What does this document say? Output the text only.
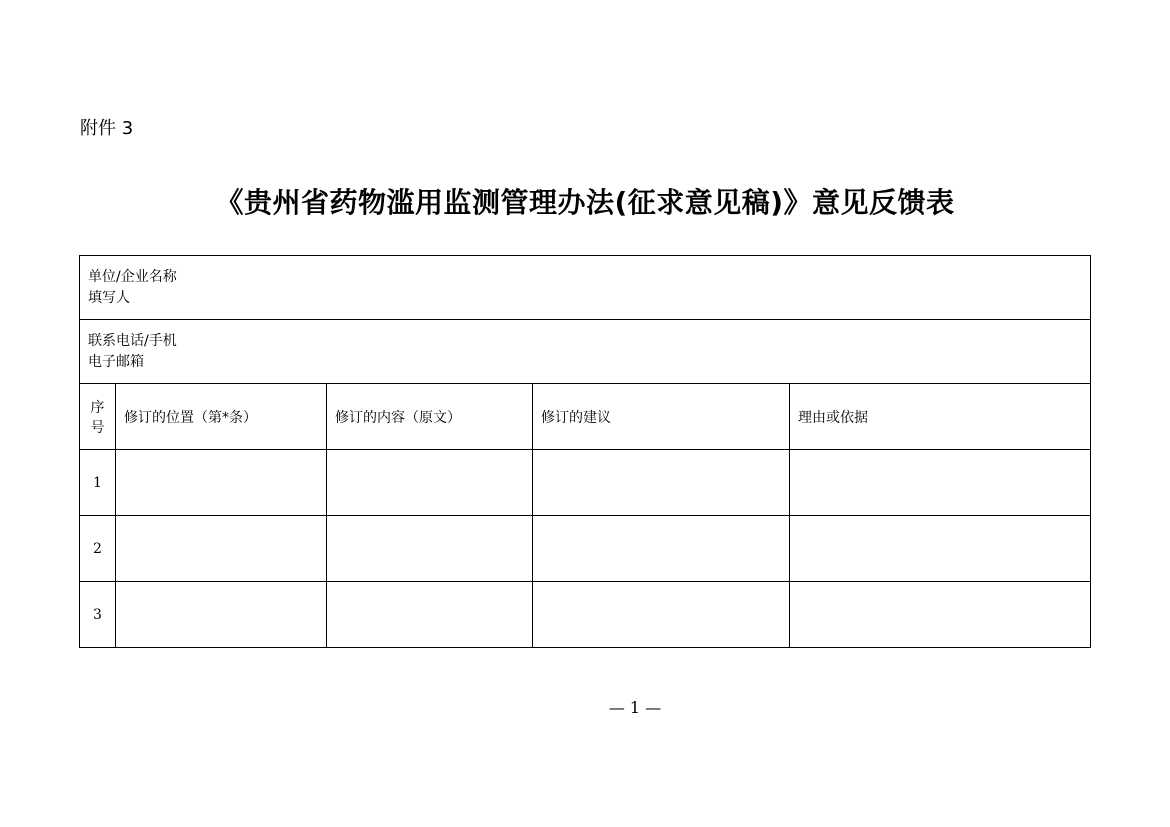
附件 3
《贵州省药物滥用监测管理办法(征求意见稿)》意见反馈表
单位/企业名称
填写人				

联系电话/手机
电子邮箱				

序号	修订的位置（第*条）	修订的内容（原文）	修订的建议	理由或依据
1				
2				
3				
— 1 —
